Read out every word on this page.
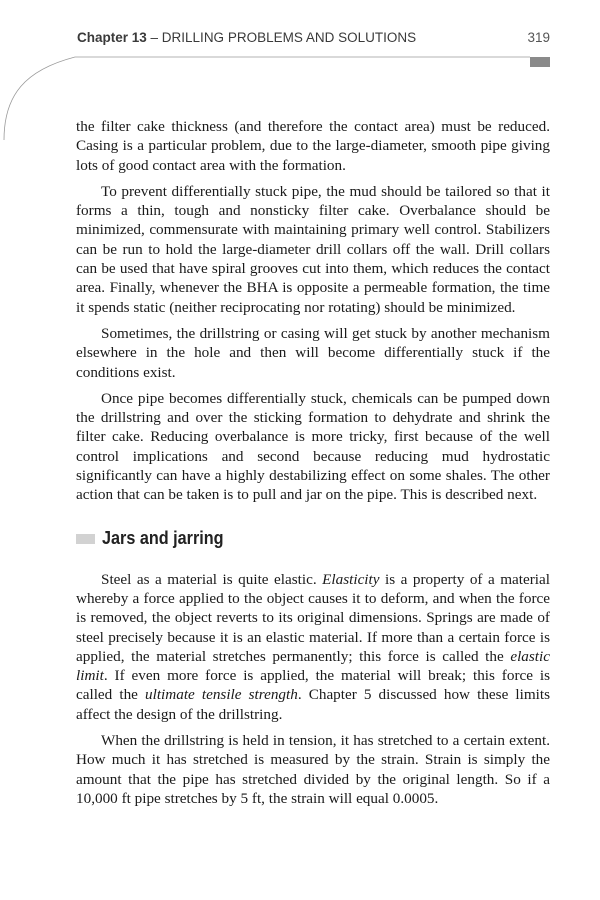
Chapter 13 – DRILLING PROBLEMS AND SOLUTIONS	319

the filter cake thickness (and therefore the contact area) must be reduced. Casing is a particular problem, due to the large-diameter, smooth pipe giving lots of good contact area with the formation.

To prevent differentially stuck pipe, the mud should be tailored so that it forms a thin, tough and nonsticky filter cake. Overbalance should be minimized, commensurate with maintaining primary well control. Stabilizers can be run to hold the large-diameter drill collars off the wall. Drill collars can be used that have spiral grooves cut into them, which reduces the contact area. Finally, whenever the BHA is opposite a permeable formation, the time it spends static (neither reciprocating nor rotating) should be minimized.

Sometimes, the drillstring or casing will get stuck by another mechanism elsewhere in the hole and then will become differentially stuck if the conditions exist.

Once pipe becomes differentially stuck, chemicals can be pumped down the drillstring and over the sticking formation to dehydrate and shrink the filter cake. Reducing overbalance is more tricky, first because of the well control implications and second because reducing mud hydrostatic significantly can have a highly destabilizing effect on some shales. The other action that can be taken is to pull and jar on the pipe. This is described next.

Jars and jarring

Steel as a material is quite elastic. Elasticity is a property of a material whereby a force applied to the object causes it to deform, and when the force is removed, the object reverts to its original dimensions. Springs are made of steel precisely because it is an elastic material. If more than a certain force is applied, the material stretches permanently; this force is called the elastic limit. If even more force is applied, the material will break; this force is called the ultimate tensile strength. Chapter 5 discussed how these limits affect the design of the drillstring.

When the drillstring is held in tension, it has stretched to a certain extent. How much it has stretched is measured by the strain. Strain is simply the amount that the pipe has stretched divided by the original length. So if a 10,000 ft pipe stretches by 5 ft, the strain will equal 0.0005.
